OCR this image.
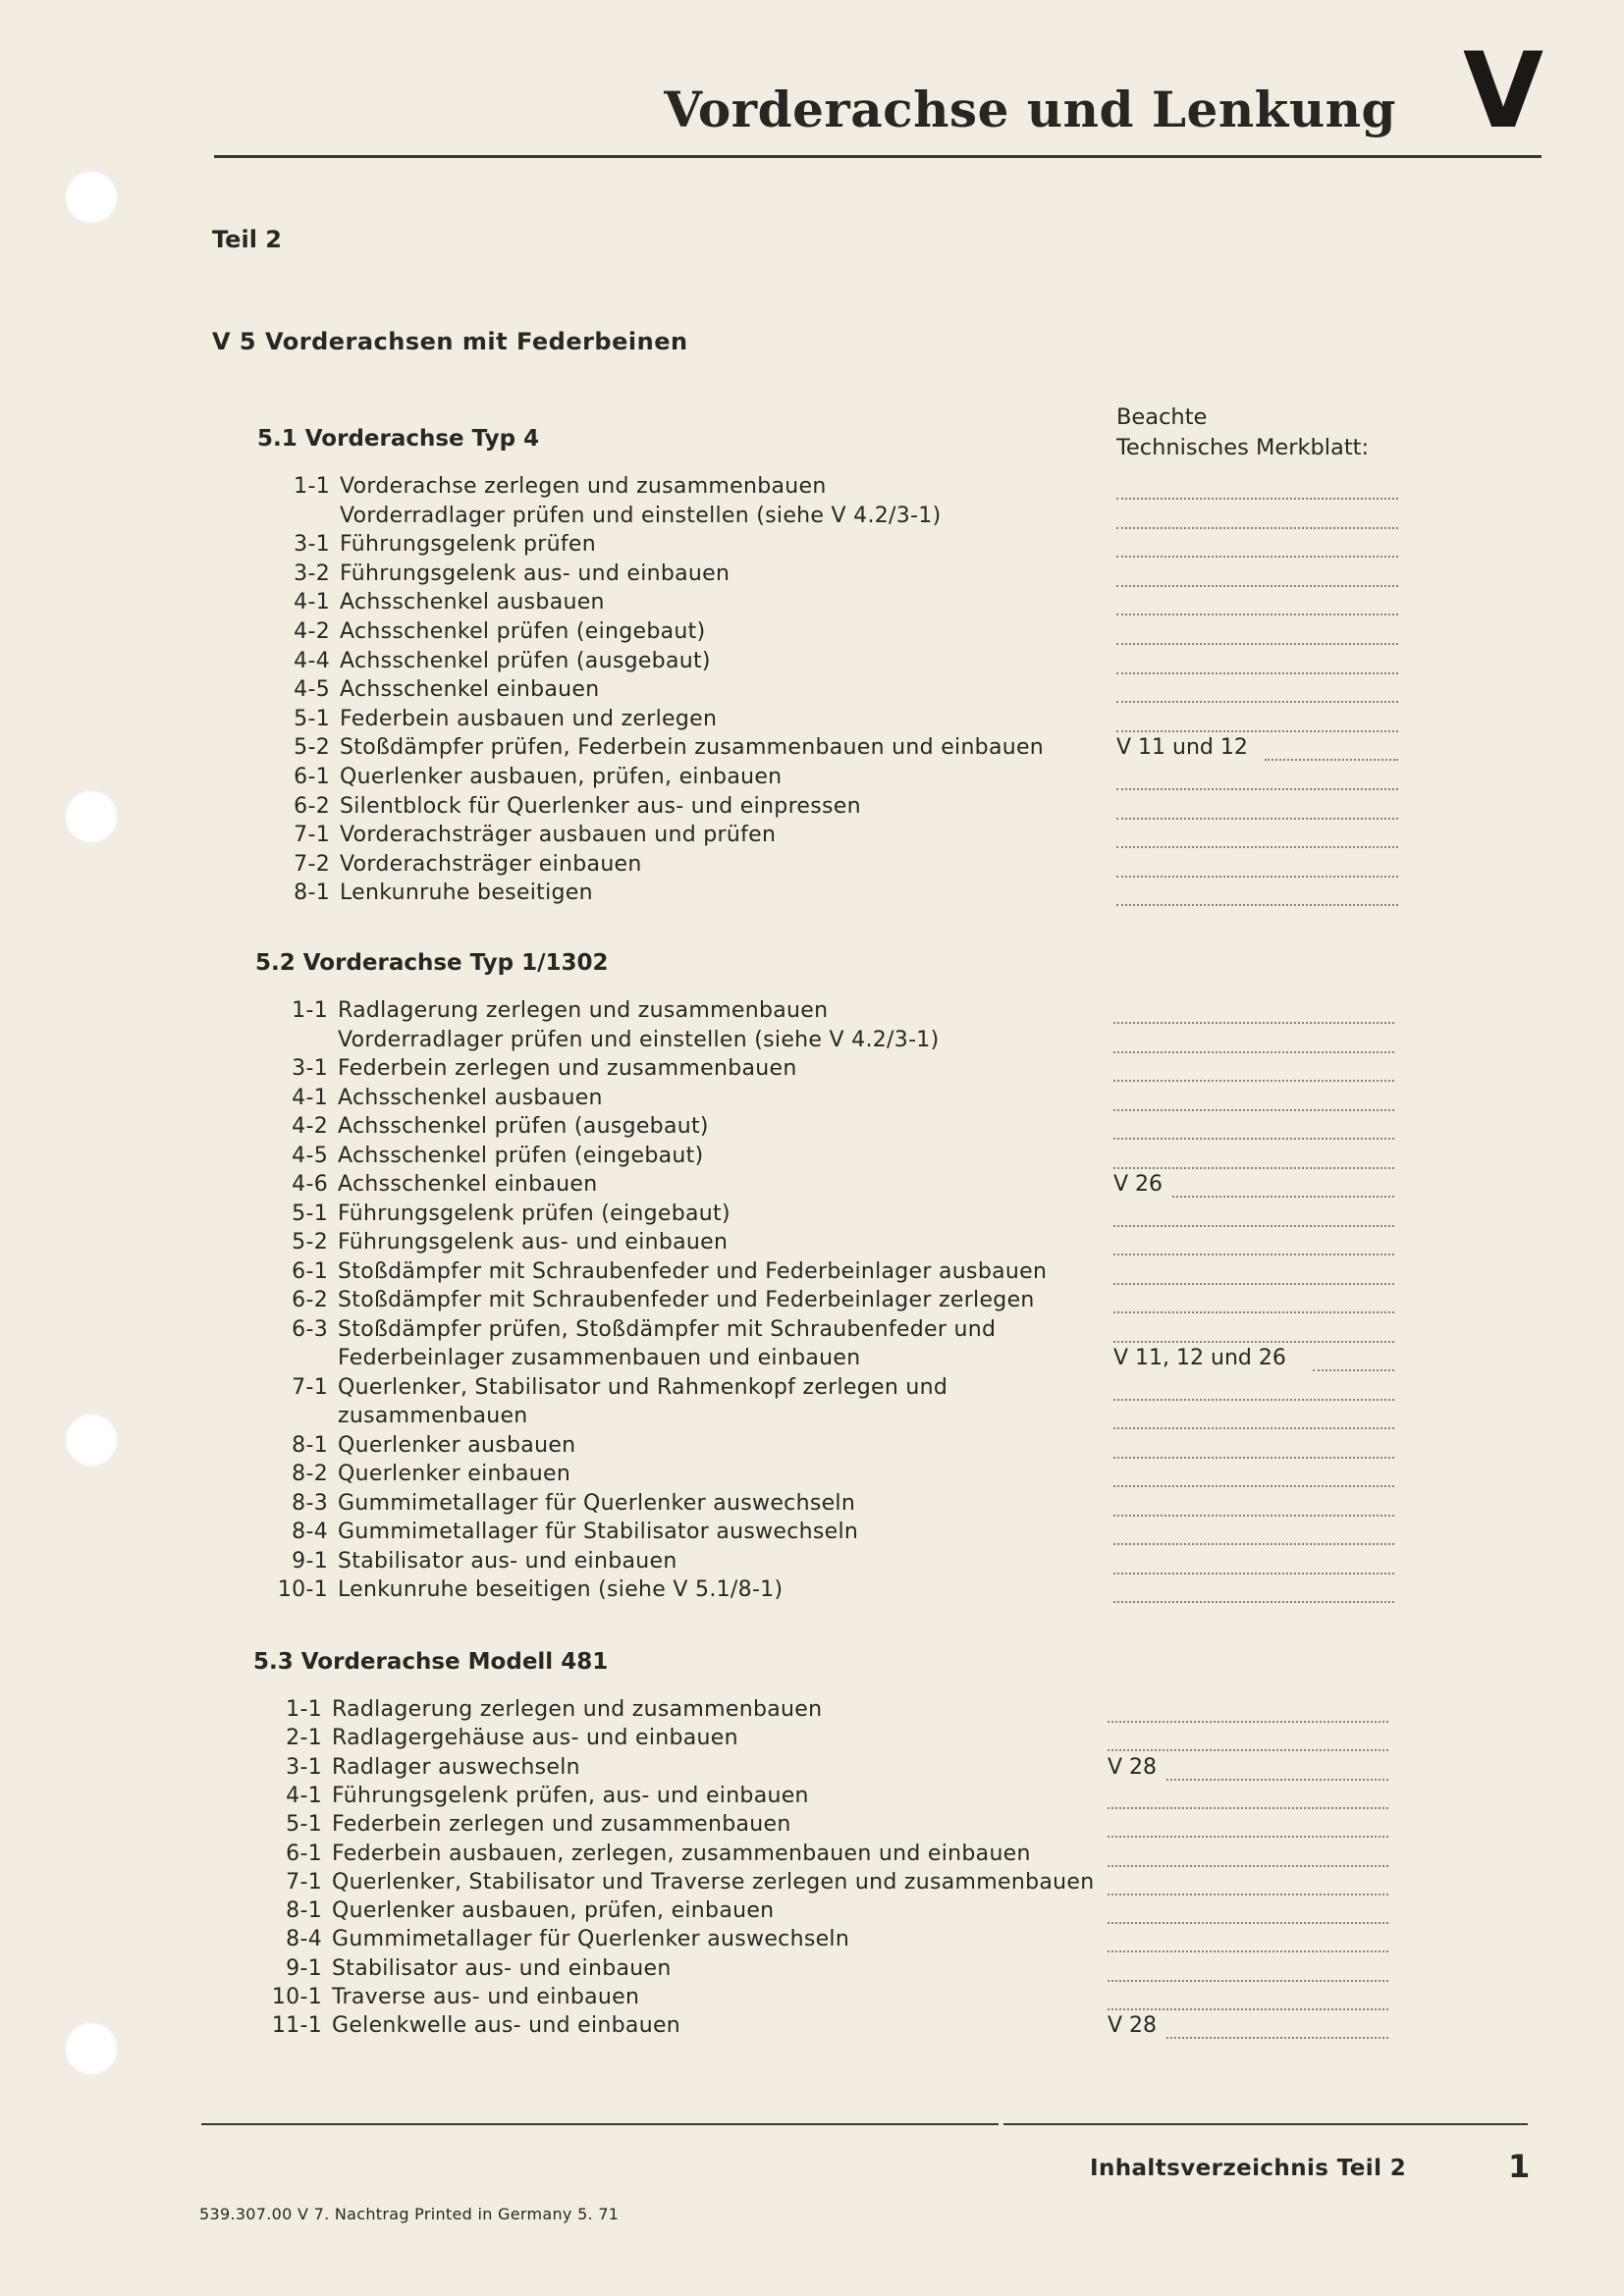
Vorderachse und Lenkung V
Teil 2
V 5 Vorderachsen mit Federbeinen
Beachte
Technisches Merkblatt:
5.1 Vorderachse Typ 4
1-1 Vorderachse zerlegen und zusammenbauen
Vorderradlager prüfen und einstellen (siehe V 4.2/3-1)
3-1 Führungsgelenk prüfen
3-2 Führungsgelenk aus- und einbauen
4-1 Achsschenkel ausbauen
4-2 Achsschenkel prüfen (eingebaut)
4-4 Achsschenkel prüfen (ausgebaut)
4-5 Achsschenkel einbauen
5-1 Federbein ausbauen und zerlegen
5-2 Stoßdämpfer prüfen, Federbein zusammenbauen und einbauen	V 11 und 12
6-1 Querlenker ausbauen, prüfen, einbauen
6-2 Silentblock für Querlenker aus- und einpressen
7-1 Vorderachsträger ausbauen und prüfen
7-2 Vorderachsträger einbauen
8-1 Lenkunruhe beseitigen
5.2 Vorderachse Typ 1/1302
1-1 Radlagerung zerlegen und zusammenbauen
Vorderradlager prüfen und einstellen (siehe V 4.2/3-1)
3-1 Federbein zerlegen und zusammenbauen
4-1 Achsschenkel ausbauen
4-2 Achsschenkel prüfen (ausgebaut)
4-5 Achsschenkel prüfen (eingebaut)
4-6 Achsschenkel einbauen	V 26
5-1 Führungsgelenk prüfen (eingebaut)
5-2 Führungsgelenk aus- und einbauen
6-1 Stoßdämpfer mit Schraubenfeder und Federbeinlager ausbauen
6-2 Stoßdämpfer mit Schraubenfeder und Federbeinlager zerlegen
6-3 Stoßdämpfer prüfen, Stoßdämpfer mit Schraubenfeder und
Federbeinlager zusammenbauen und einbauen	V 11, 12 und 26
7-1 Querlenker, Stabilisator und Rahmenkopf zerlegen und
zusammenbauen
8-1 Querlenker ausbauen
8-2 Querlenker einbauen
8-3 Gummimetallager für Querlenker auswechseln
8-4 Gummimetallager für Stabilisator auswechseln
9-1 Stabilisator aus- und einbauen
10-1 Lenkunruhe beseitigen (siehe V 5.1/8-1)
5.3 Vorderachse Modell 481
1-1 Radlagerung zerlegen und zusammenbauen
2-1 Radlagergehäuse aus- und einbauen
3-1 Radlager auswechseln	V 28
4-1 Führungsgelenk prüfen, aus- und einbauen
5-1 Federbein zerlegen und zusammenbauen
6-1 Federbein ausbauen, zerlegen, zusammenbauen und einbauen
7-1 Querlenker, Stabilisator und Traverse zerlegen und zusammenbauen
8-1 Querlenker ausbauen, prüfen, einbauen
8-4 Gummimetallager für Querlenker auswechseln
9-1 Stabilisator aus- und einbauen
10-1 Traverse aus- und einbauen
11-1 Gelenkwelle aus- und einbauen	V 28
Inhaltsverzeichnis Teil 2	1
539.307.00 V 7. Nachtrag Printed in Germany 5. 71
